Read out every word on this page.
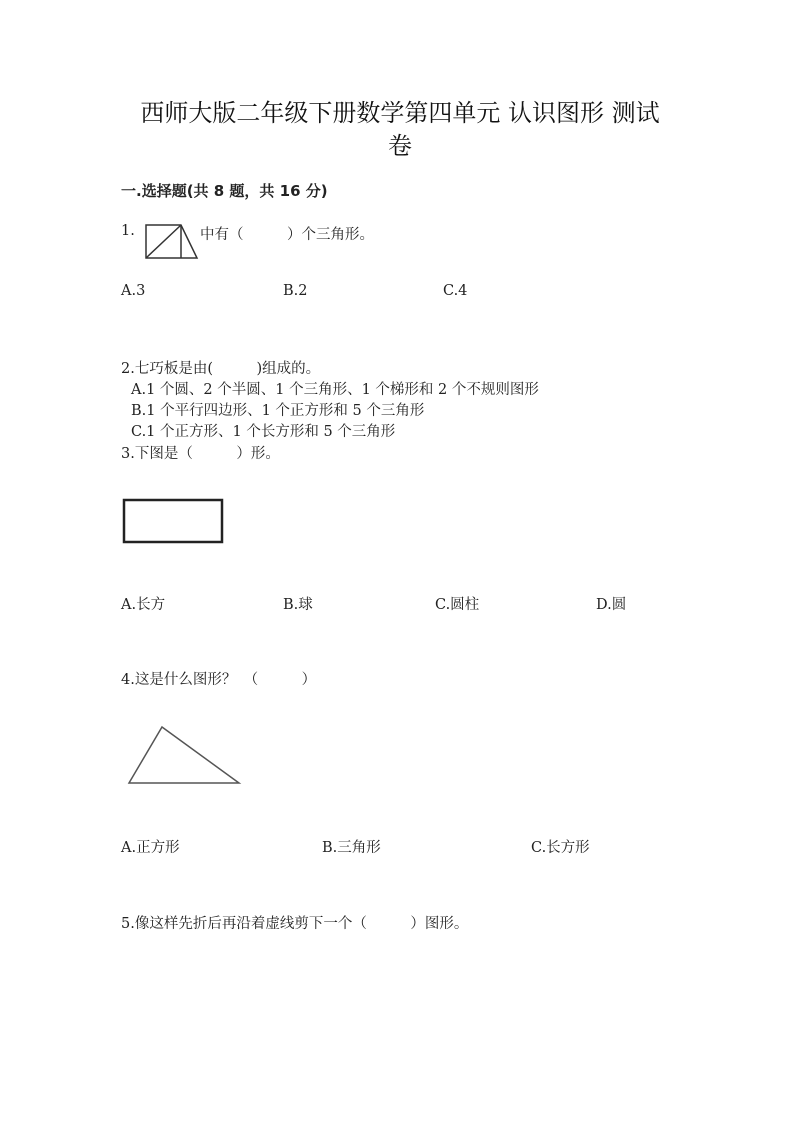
西师大版二年级下册数学第四单元 认识图形 测试
卷
一.选择题(共 8 题，共 16 分)
1.	中有（　　　）个三角形。
A.3	B.2	C.4
2.七巧板是由(　　　)组成的。
A.1 个圆、2 个半圆、1 个三角形、1 个梯形和 2 个不规则图形
B.1 个平行四边形、1 个正方形和 5 个三角形
C.1 个正方形、1 个长方形和 5 个三角形
3.下图是（　　　）形。
A.长方	B.球	C.圆柱	D.圆
4.这是什么图形？　（　　　）
A.正方形	B.三角形	C.长方形
5.像这样先折后再沿着虚线剪下一个（　　　）图形。
